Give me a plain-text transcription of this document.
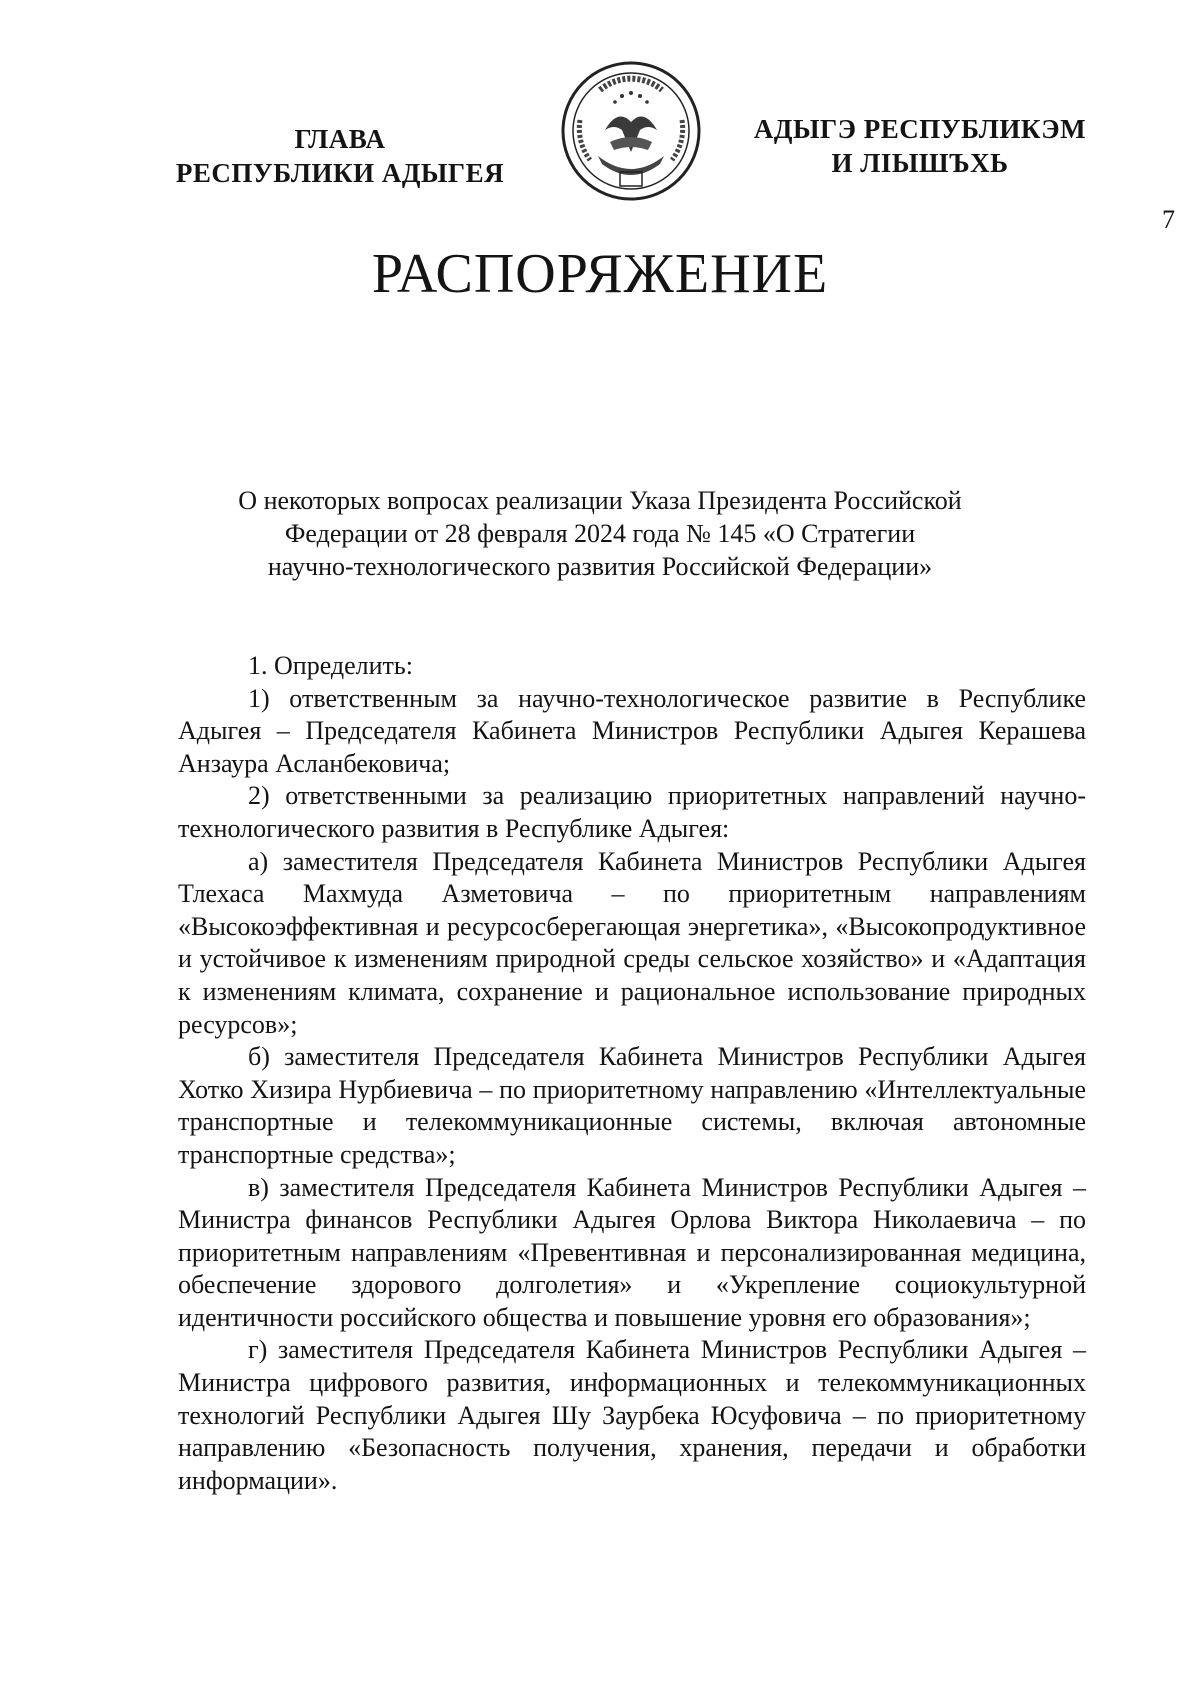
ГЛАВА
РЕСПУБЛИКИ АДЫГЕЯ
АДЫГЭ РЕСПУБЛИКЭМ
И ЛІЫШЪХЬ
7
РАСПОРЯЖЕНИЕ
О некоторых вопросах реализации Указа Президента Российской
Федерации от 28 февраля 2024 года № 145 «О Стратегии
научно-технологического развития Российской Федерации»

1. Определить:

1) ответственным за научно-технологическое развитие в Республике Адыгея – Председателя Кабинета Министров Республики Адыгея Керашева Анзаура Асланбековича;

2) ответственными за реализацию приоритетных направлений научно-технологического развития в Республике Адыгея:

а) заместителя Председателя Кабинета Министров Республики Адыгея Тлехаса Махмуда Азметовича – по приоритетным направлениям «Высокоэффективная и ресурсосберегающая энергетика», «Высокопродуктивное и устойчивое к изменениям природной среды сельское хозяйство» и «Адаптация к изменениям климата, сохранение и рациональное использование природных ресурсов»;

б) заместителя Председателя Кабинета Министров Республики Адыгея Хотко Хизира Нурбиевича – по приоритетному направлению «Интеллектуальные транспортные и телекоммуникационные системы, включая автономные транспортные средства»;

в) заместителя Председателя Кабинета Министров Республики Адыгея – Министра финансов Республики Адыгея Орлова Виктора Николаевича – по приоритетным направлениям «Превентивная и персонализированная медицина, обеспечение здорового долголетия» и «Укрепление социокультурной идентичности российского общества и повышение уровня его образования»;

г) заместителя Председателя Кабинета Министров Республики Адыгея – Министра цифрового развития, информационных и телекоммуникационных технологий Республики Адыгея Шу Заурбека Юсуфовича – по приоритетному направлению «Безопасность получения, хранения, передачи и обработки информации».
